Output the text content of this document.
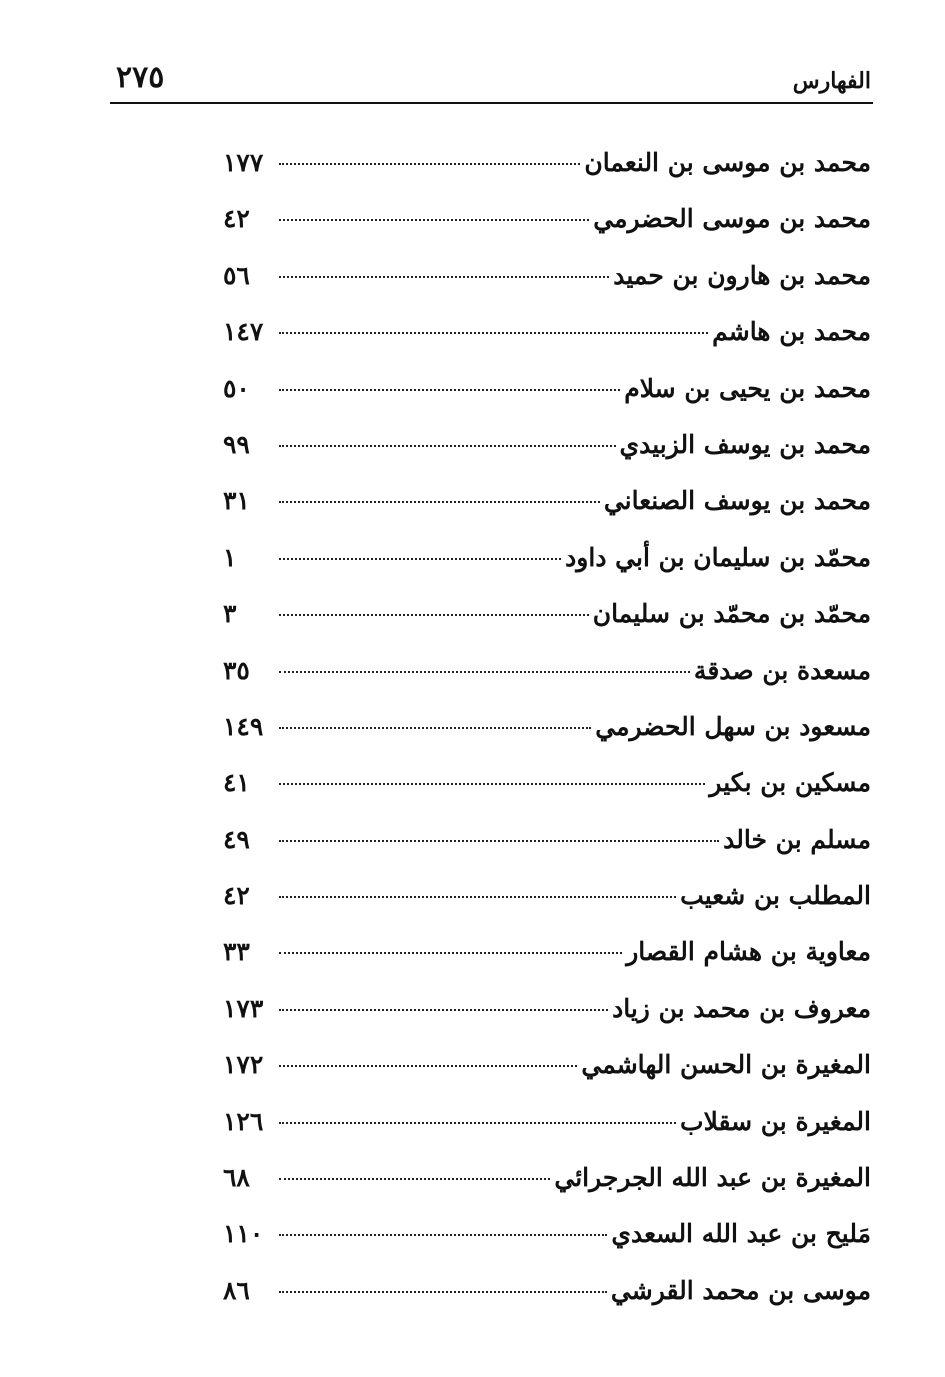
الفهارس
٢٧٥
محمد بن موسى بن النعمان
١٧٧
محمد بن موسى الحضرمي
٤٢
محمد بن هارون بن حميد
٥٦
محمد بن هاشم
١٤٧
محمد بن يحيى بن سلام
٥٠
محمد بن يوسف الزبيدي
٩٩
محمد بن يوسف الصنعاني
٣١
محمّد بن سليمان بن أبي داود
١
محمّد بن محمّد بن سليمان
٣
مسعدة بن صدقة
٣٥
مسعود بن سهل الحضرمي
١٤٩
مسكين بن بكير
٤١
مسلم بن خالد
٤٩
المطلب بن شعيب
٤٢
معاوية بن هشام القصار
٣٣
معروف بن محمد بن زياد
١٧٣
المغيرة بن الحسن الهاشمي
١٧٢
المغيرة بن سقلاب
١٢٦
المغيرة بن عبد الله الجرجرائي
٦٨
مَليح بن عبد الله السعدي
١١٠
موسى بن محمد القرشي
٨٦
